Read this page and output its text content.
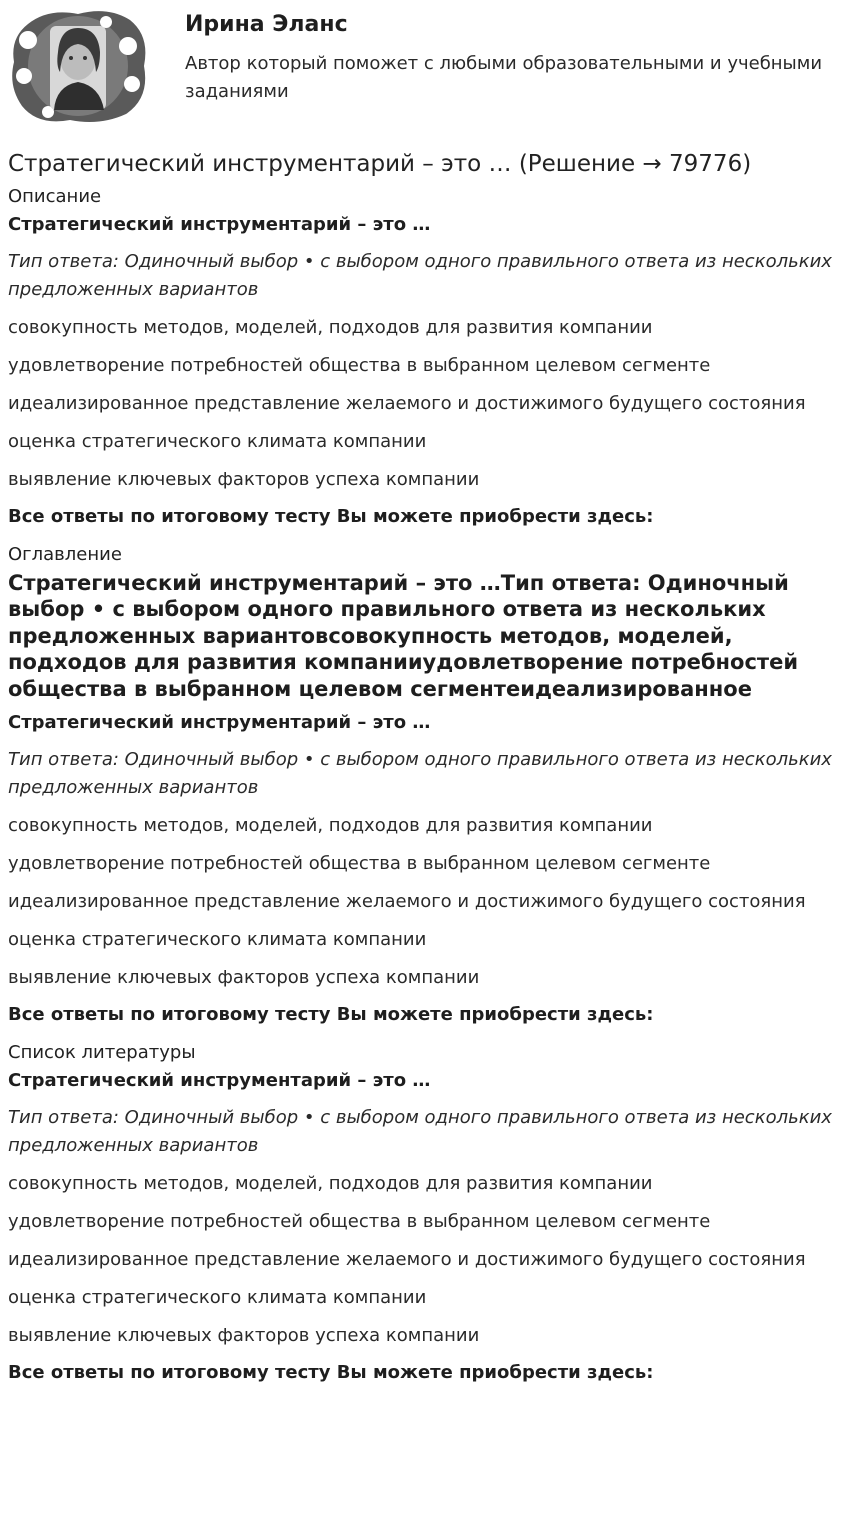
Ирина Эланс
Автор который поможет с любыми образовательными и учебными заданиями
Стратегический инструментарий – это … (Решение → 79776)
Описание
Стратегический инструментарий – это …
Тип ответа: Одиночный выбор • с выбором одного правильного ответа из нескольких предложенных вариантов
совокупность методов, моделей, подходов для развития компании
удовлетворение потребностей общества в выбранном целевом сегменте
идеализированное представление желаемого и достижимого будущего состояния
оценка стратегического климата компании
выявление ключевых факторов успеха компании
Все ответы по итоговому тесту Вы можете приобрести здесь:
Оглавление
Стратегический инструментарий – это …Тип ответа: Одиночный выбор • с выбором одного правильного ответа из нескольких предложенных вариантовсовокупность методов, моделей, подходов для развития компанииудовлетворение потребностей общества в выбранном целевом сегментеидеализированное
Стратегический инструментарий – это …
Тип ответа: Одиночный выбор • с выбором одного правильного ответа из нескольких предложенных вариантов
совокупность методов, моделей, подходов для развития компании
удовлетворение потребностей общества в выбранном целевом сегменте
идеализированное представление желаемого и достижимого будущего состояния
оценка стратегического климата компании
выявление ключевых факторов успеха компании
Все ответы по итоговому тесту Вы можете приобрести здесь:
Список литературы
Стратегический инструментарий – это …
Тип ответа: Одиночный выбор • с выбором одного правильного ответа из нескольких предложенных вариантов
совокупность методов, моделей, подходов для развития компании
удовлетворение потребностей общества в выбранном целевом сегменте
идеализированное представление желаемого и достижимого будущего состояния
оценка стратегического климата компании
выявление ключевых факторов успеха компании
Все ответы по итоговому тесту Вы можете приобрести здесь:
